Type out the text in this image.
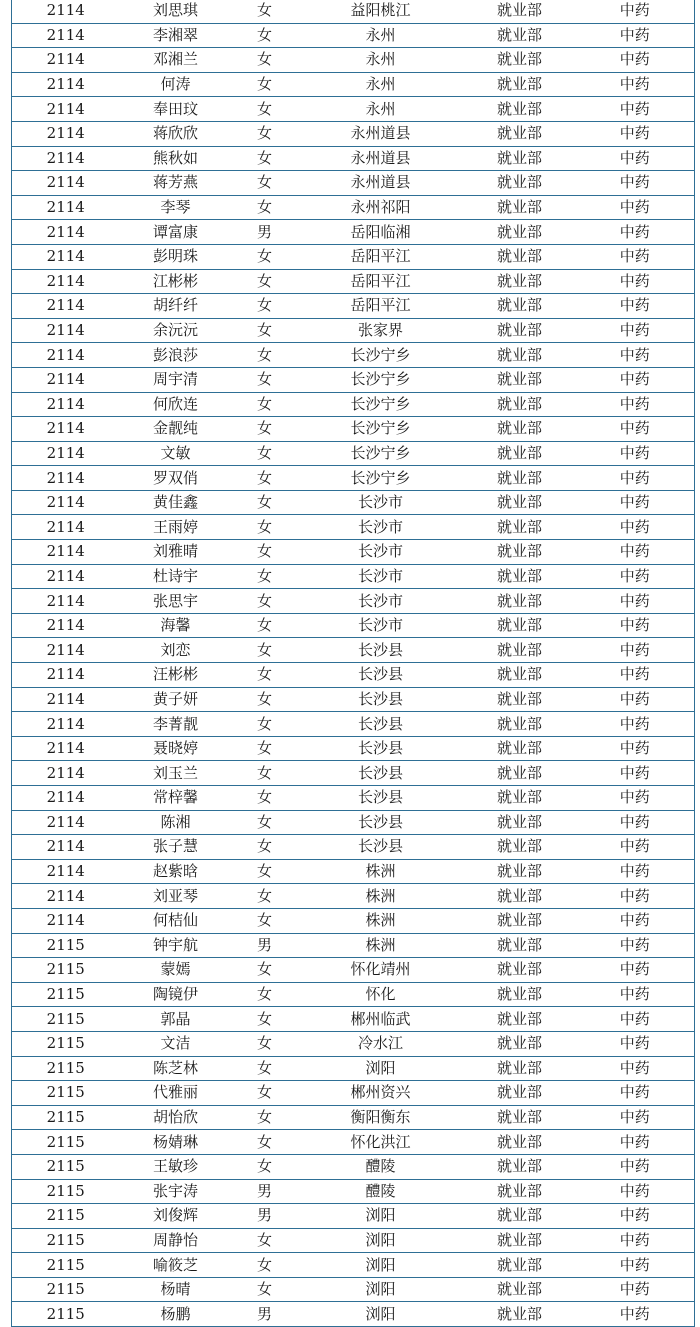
2114	刘思琪	女	益阳桃江	就业部	中药
2114	李湘翠	女	永州	就业部	中药
2114	邓湘兰	女	永州	就业部	中药
2114	何涛	女	永州	就业部	中药
2114	奉田玟	女	永州	就业部	中药
2114	蒋欣欣	女	永州道县	就业部	中药
2114	熊秋如	女	永州道县	就业部	中药
2114	蒋芳燕	女	永州道县	就业部	中药
2114	李琴	女	永州祁阳	就业部	中药
2114	谭富康	男	岳阳临湘	就业部	中药
2114	彭明珠	女	岳阳平江	就业部	中药
2114	江彬彬	女	岳阳平江	就业部	中药
2114	胡纤纤	女	岳阳平江	就业部	中药
2114	余沅沅	女	张家界	就业部	中药
2114	彭浪莎	女	长沙宁乡	就业部	中药
2114	周宇清	女	长沙宁乡	就业部	中药
2114	何欣连	女	长沙宁乡	就业部	中药
2114	金靓纯	女	长沙宁乡	就业部	中药
2114	文敏	女	长沙宁乡	就业部	中药
2114	罗双俏	女	长沙宁乡	就业部	中药
2114	黄佳鑫	女	长沙市	就业部	中药
2114	王雨婷	女	长沙市	就业部	中药
2114	刘雅晴	女	长沙市	就业部	中药
2114	杜诗宇	女	长沙市	就业部	中药
2114	张思宇	女	长沙市	就业部	中药
2114	海馨	女	长沙市	就业部	中药
2114	刘恋	女	长沙县	就业部	中药
2114	汪彬彬	女	长沙县	就业部	中药
2114	黄子妍	女	长沙县	就业部	中药
2114	李菁靓	女	长沙县	就业部	中药
2114	聂晓婷	女	长沙县	就业部	中药
2114	刘玉兰	女	长沙县	就业部	中药
2114	常梓馨	女	长沙县	就业部	中药
2114	陈湘	女	长沙县	就业部	中药
2114	张子慧	女	长沙县	就业部	中药
2114	赵紫晗	女	株洲	就业部	中药
2114	刘亚琴	女	株洲	就业部	中药
2114	何桔仙	女	株洲	就业部	中药
2115	钟宇航	男	株洲	就业部	中药
2115	蒙嫣	女	怀化靖州	就业部	中药
2115	陶镜伊	女	怀化	就业部	中药
2115	郭晶	女	郴州临武	就业部	中药
2115	文洁	女	冷水江	就业部	中药
2115	陈芝林	女	浏阳	就业部	中药
2115	代雅丽	女	郴州资兴	就业部	中药
2115	胡怡欣	女	衡阳衡东	就业部	中药
2115	杨婧琳	女	怀化洪江	就业部	中药
2115	王敏珍	女	醴陵	就业部	中药
2115	张宇涛	男	醴陵	就业部	中药
2115	刘俊辉	男	浏阳	就业部	中药
2115	周静怡	女	浏阳	就业部	中药
2115	喻筱芝	女	浏阳	就业部	中药
2115	杨晴	女	浏阳	就业部	中药
2115	杨鹏	男	浏阳	就业部	中药
